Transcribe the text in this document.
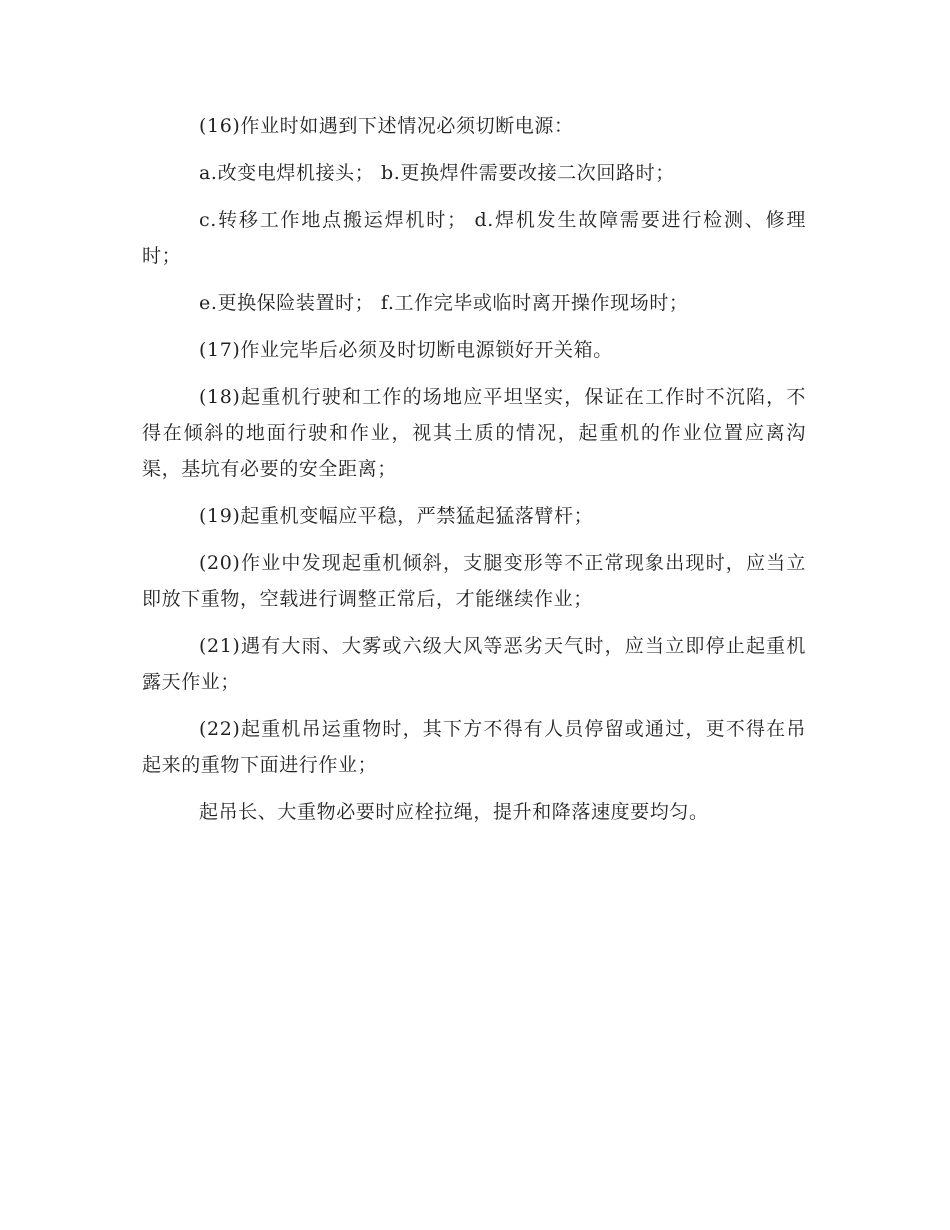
(16)作业时如遇到下述情况必须切断电源：

a.改变电焊机接头； b.更换焊件需要改接二次回路时；

c.转移工作地点搬运焊机时； d.焊机发生故障需要进行检测、修理时；

e.更换保险装置时； f.工作完毕或临时离开操作现场时；

(17)作业完毕后必须及时切断电源锁好开关箱。

(18)起重机行驶和工作的场地应平坦坚实，保证在工作时不沉陷，不得在倾斜的地面行驶和作业，视其土质的情况，起重机的作业位置应离沟渠，基坑有必要的安全距离；

(19)起重机变幅应平稳，严禁猛起猛落臂杆；

(20)作业中发现起重机倾斜，支腿变形等不正常现象出现时，应当立即放下重物，空载进行调整正常后，才能继续作业；

(21)遇有大雨、大雾或六级大风等恶劣天气时，应当立即停止起重机露天作业；

(22)起重机吊运重物时，其下方不得有人员停留或通过，更不得在吊起来的重物下面进行作业；

起吊长、大重物必要时应栓拉绳，提升和降落速度要均匀。
